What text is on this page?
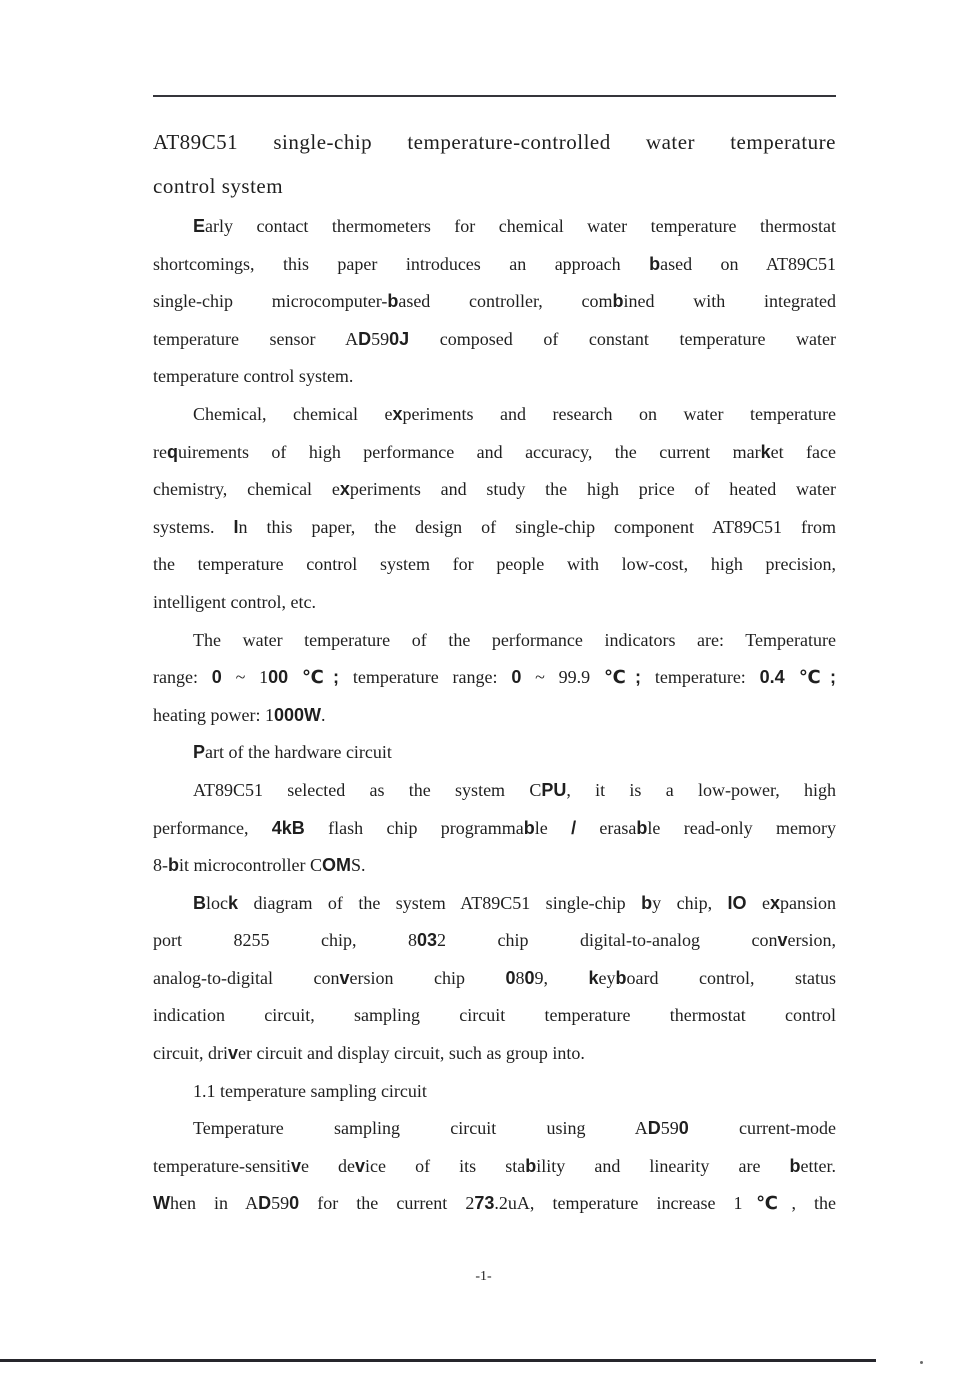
AT89C51 single-chip temperature-controlled water temperature
control system
Early contact thermometers for chemical water temperature thermostat
shortcomings, this paper introduces an approach based on AT89C51
single-chip microcomputer-based controller, combined with integrated
temperature sensor AD590J composed of constant temperature water
temperature control system.
Chemical, chemical experiments and research on water temperature
requirements of high performance and accuracy, the current market face
chemistry, chemical experiments and study the high price of heated water
systems. In this paper, the design of single-chip component AT89C51 from
the temperature control system for people with low-cost, high precision,
intelligent control, etc.
The water temperature of the performance indicators are: Temperature
range: 0 ~ 100 ℃; temperature range: 0 ~ 99.9 ℃; temperature: 0.4 ℃;
heating power: 1000W.
Part of the hardware circuit
AT89C51 selected as the system CPU, it is a low-power, high
performance, 4kB flash chip programmable / erasable read-only memory
8-bit microcontroller COMS.
Block diagram of the system AT89C51 single-chip by chip, IO expansion
port 8255 chip, 8032 chip digital-to-analog conversion,
analog-to-digital conversion chip 0809, keyboard control, status
indication circuit, sampling circuit temperature thermostat control
circuit, driver circuit and display circuit, such as group into.
1.1 temperature sampling circuit
Temperature sampling circuit using AD590 current-mode
temperature-sensitive device of its stability and linearity are better.
When in AD590 for the current 273.2uA, temperature increase 1℃, the
-1-
